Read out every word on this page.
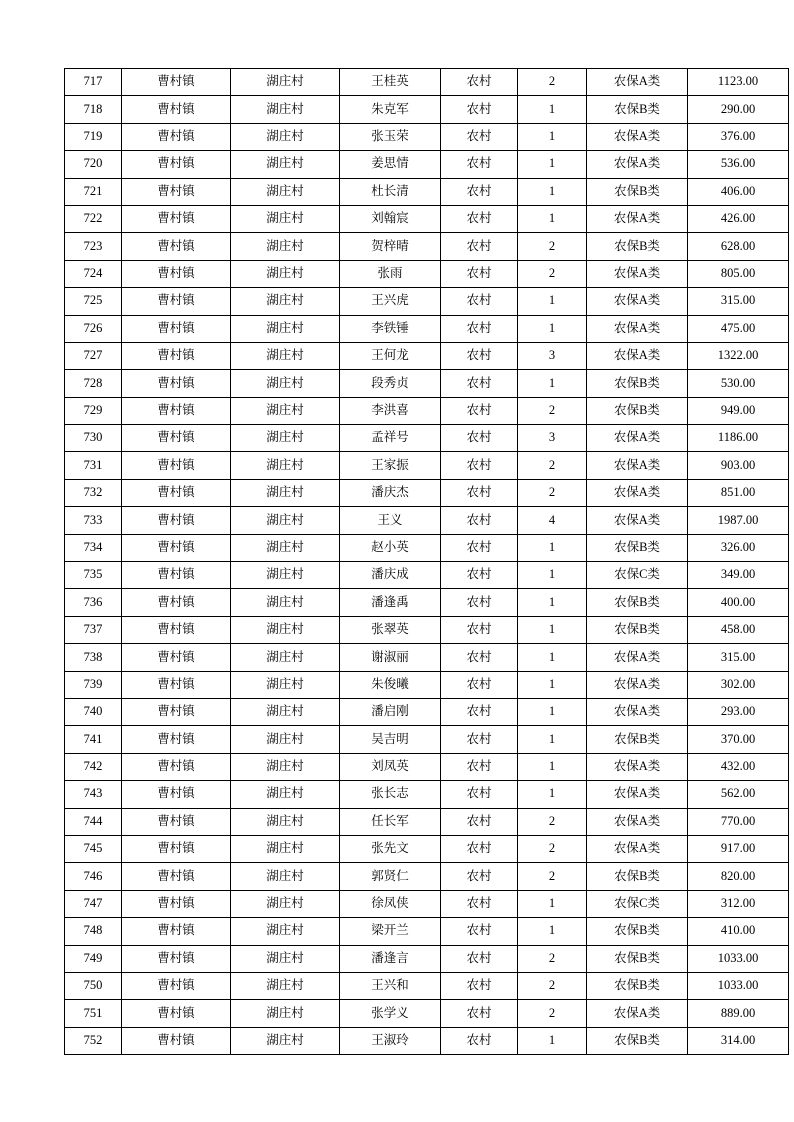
717	曹村镇	湖庄村	王桂英	农村	2	农保A类	1123.00
718	曹村镇	湖庄村	朱克军	农村	1	农保B类	290.00
719	曹村镇	湖庄村	张玉荣	农村	1	农保A类	376.00
720	曹村镇	湖庄村	姜思情	农村	1	农保A类	536.00
721	曹村镇	湖庄村	杜长清	农村	1	农保B类	406.00
722	曹村镇	湖庄村	刘翰宸	农村	1	农保A类	426.00
723	曹村镇	湖庄村	贺梓晴	农村	2	农保B类	628.00
724	曹村镇	湖庄村	张雨	农村	2	农保A类	805.00
725	曹村镇	湖庄村	王兴虎	农村	1	农保A类	315.00
726	曹村镇	湖庄村	李铁锤	农村	1	农保A类	475.00
727	曹村镇	湖庄村	王何龙	农村	3	农保A类	1322.00
728	曹村镇	湖庄村	段秀贞	农村	1	农保B类	530.00
729	曹村镇	湖庄村	李洪喜	农村	2	农保B类	949.00
730	曹村镇	湖庄村	孟祥号	农村	3	农保A类	1186.00
731	曹村镇	湖庄村	王家振	农村	2	农保A类	903.00
732	曹村镇	湖庄村	潘庆杰	农村	2	农保A类	851.00
733	曹村镇	湖庄村	王义	农村	4	农保A类	1987.00
734	曹村镇	湖庄村	赵小英	农村	1	农保B类	326.00
735	曹村镇	湖庄村	潘庆成	农村	1	农保C类	349.00
736	曹村镇	湖庄村	潘逢禹	农村	1	农保B类	400.00
737	曹村镇	湖庄村	张翠英	农村	1	农保B类	458.00
738	曹村镇	湖庄村	谢淑丽	农村	1	农保A类	315.00
739	曹村镇	湖庄村	朱俊曦	农村	1	农保A类	302.00
740	曹村镇	湖庄村	潘启刚	农村	1	农保A类	293.00
741	曹村镇	湖庄村	吴吉明	农村	1	农保B类	370.00
742	曹村镇	湖庄村	刘凤英	农村	1	农保A类	432.00
743	曹村镇	湖庄村	张长志	农村	1	农保A类	562.00
744	曹村镇	湖庄村	任长军	农村	2	农保A类	770.00
745	曹村镇	湖庄村	张先文	农村	2	农保A类	917.00
746	曹村镇	湖庄村	郭贤仁	农村	2	农保B类	820.00
747	曹村镇	湖庄村	徐凤侠	农村	1	农保C类	312.00
748	曹村镇	湖庄村	梁开兰	农村	1	农保B类	410.00
749	曹村镇	湖庄村	潘逢言	农村	2	农保B类	1033.00
750	曹村镇	湖庄村	王兴和	农村	2	农保B类	1033.00
751	曹村镇	湖庄村	张学义	农村	2	农保A类	889.00
752	曹村镇	湖庄村	王淑玲	农村	1	农保B类	314.00
